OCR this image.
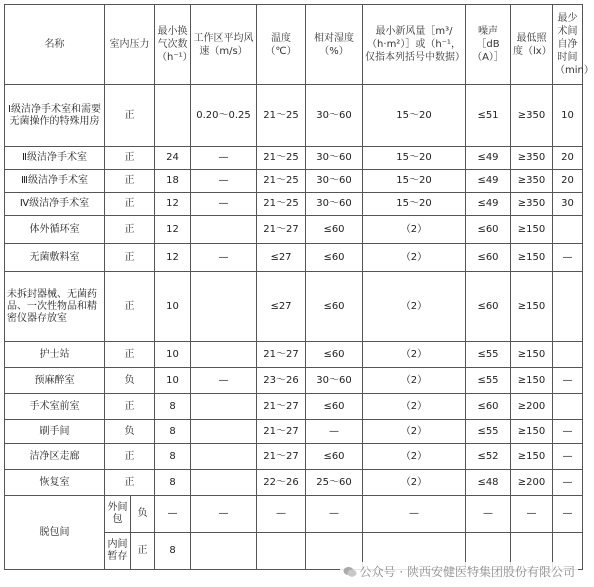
名称	室内压力		最小换气次数（h⁻¹）	工作区平均风速（m/s）	温度（℃）	相对湿度（%）	最小新风量［m³/（h·m²）］或（h⁻¹，仅指本列括号中数据）	噪声［dB（A）］	最低照度（lx）	最少术间自净时间（min）
Ⅰ级洁净手术室和需要无菌操作的特殊用房	正			0.20～0.25	21～25	30～60	15～20	≤51	≥350	10
Ⅱ级洁净手术室	正		24	—	21～25	30～60	15～20	≤49	≥350	20
Ⅲ级洁净手术室	正		18	—	21～25	30～60	15～20	≤49	≥350	20
Ⅳ级洁净手术室	正		12	—	21～25	30～60	15～20	≤49	≥350	30
体外循环室	正		12		21～27	≤60	（2）	≤60	≥150	
无菌敷料室	正		12	—	≤27	≤60	（2）	≤60	≥150	—
未拆封器械、无菌药品、一次性物品和精密仪器存放室	正		10		≤27	≤60	（2）	≤60	≥150	
护士站	正		10		21～27	≤60	（2）	≤55	≥150	
预麻醉室	负		10	—	23～26	30～60	（2）	≤55	≥150	—
手术室前室	正		8		21～27	≤60	（2）	≤60	≥200	
刷手间	负		8		21～27	—	（2）	≤55	≥150	—
洁净区走廊	正		8		21～27	≤60	（2）	≤52	≥150	—
恢复室	正		8		22～26	25～60	（2）	≤48	≥200	—
脱包间	外间包	负	—	—	—	—	—	—	—	—
	内间暂存	正	8							
公众号 · 陕西安健医特集团股份有限公司
